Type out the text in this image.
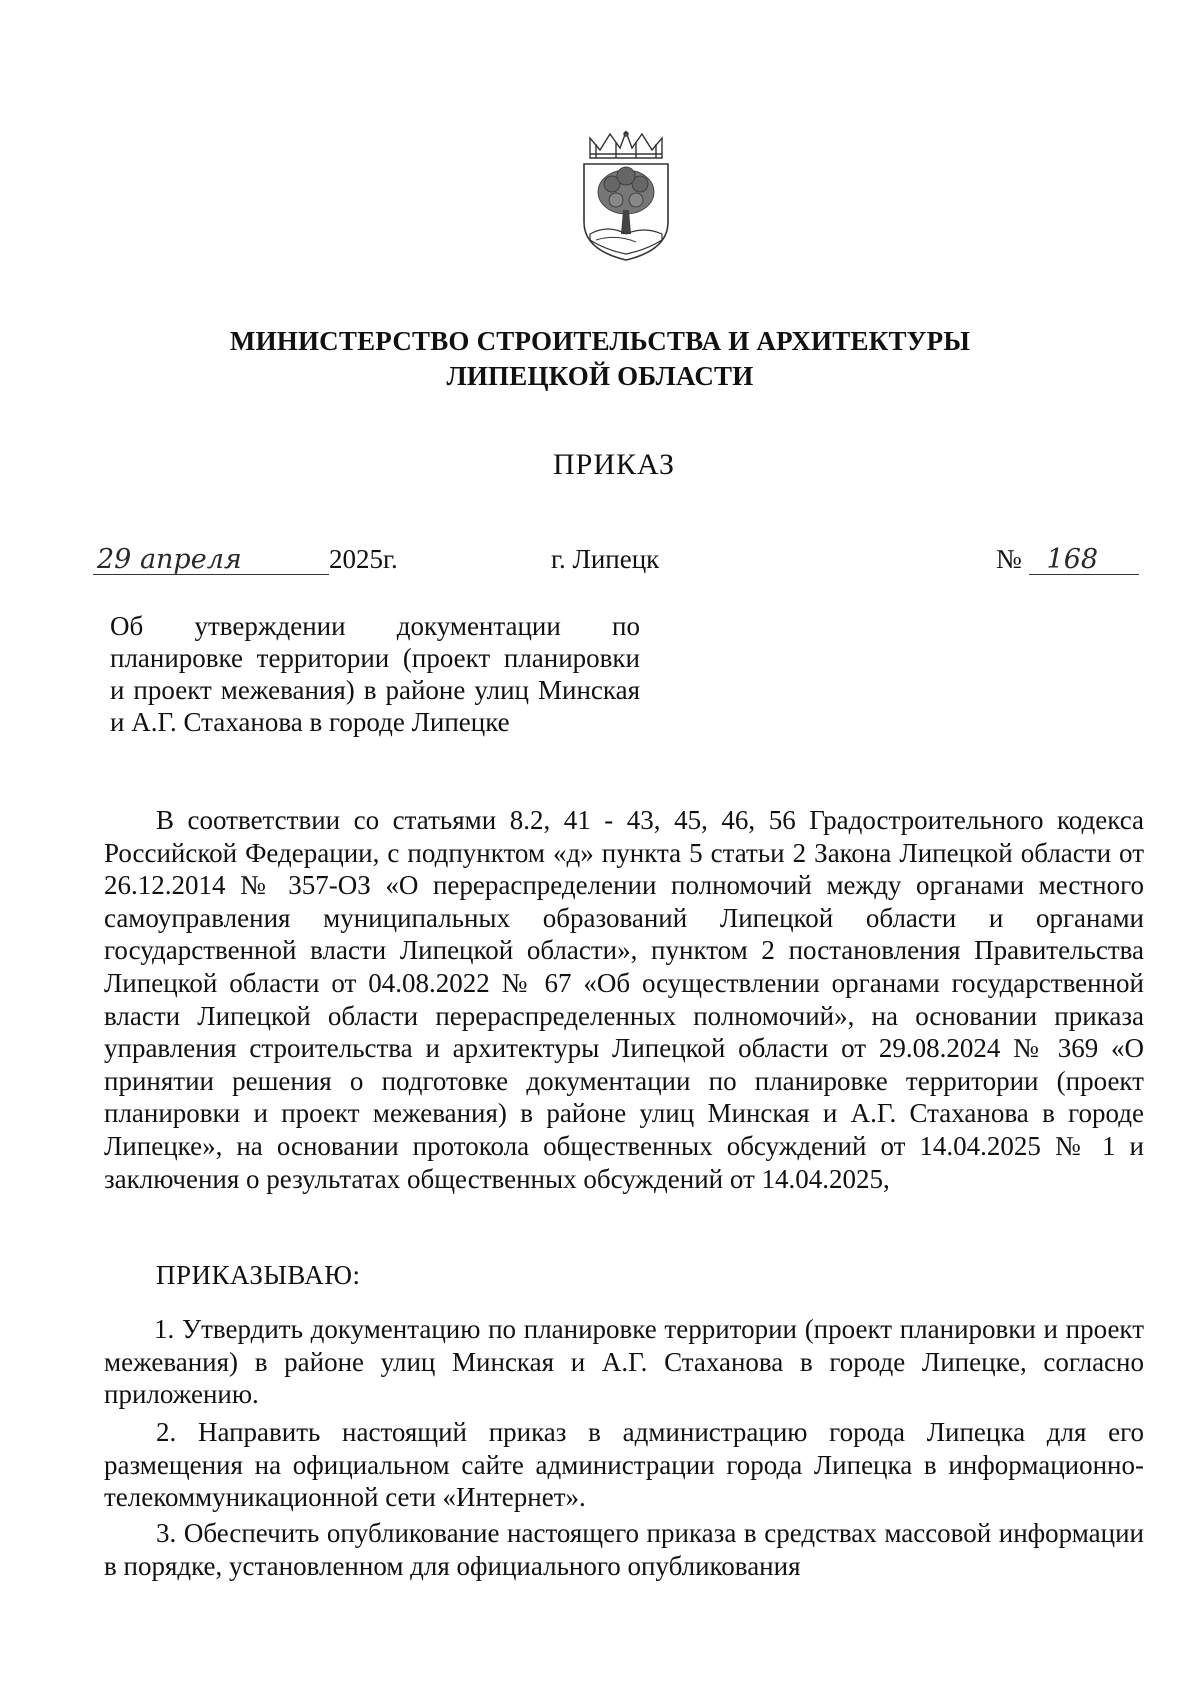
МИНИСТЕРСТВО СТРОИТЕЛЬСТВА И АРХИТЕКТУРЫ
ЛИПЕЦКОЙ ОБЛАСТИ
ПРИКАЗ
29 апреля	2025г.	г. Липецк	№ 168
Об утверждении документации по планировке территории (проект планировки и проект межевания) в районе улиц Минская и А.Г. Стаханова в городе Липецке
В соответствии со статьями 8.2, 41 - 43, 45, 46, 56 Градостроительного кодекса Российской Федерации, с подпунктом «д» пункта 5 статьи 2 Закона Липецкой области от 26.12.2014 № 357-ОЗ «О перераспределении полномочий между органами местного самоуправления муниципальных образований Липецкой области и органами государственной власти Липецкой области», пунктом 2 постановления Правительства Липецкой области от 04.08.2022 № 67 «Об осуществлении органами государственной власти Липецкой области перераспределенных полномочий», на основании приказа управления строительства и архитектуры Липецкой области от 29.08.2024 № 369 «О принятии решения о подготовке документации по планировке территории (проект планировки и проект межевания) в районе улиц Минская и А.Г. Стаханова в городе Липецке», на основании протокола общественных обсуждений от 14.04.2025 № 1 и заключения о результатах общественных обсуждений от 14.04.2025,
ПРИКАЗЫВАЮ:
1. Утвердить документацию по планировке территории (проект планировки и проект межевания) в районе улиц Минская и А.Г. Стаханова в городе Липецке, согласно приложению.
2. Направить настоящий приказ в администрацию города Липецка для его размещения на официальном сайте администрации города Липецка в информационно-телекоммуникационной сети «Интернет».
3. Обеспечить опубликование настоящего приказа в средствах массовой информации в порядке, установленном для официального опубликования
